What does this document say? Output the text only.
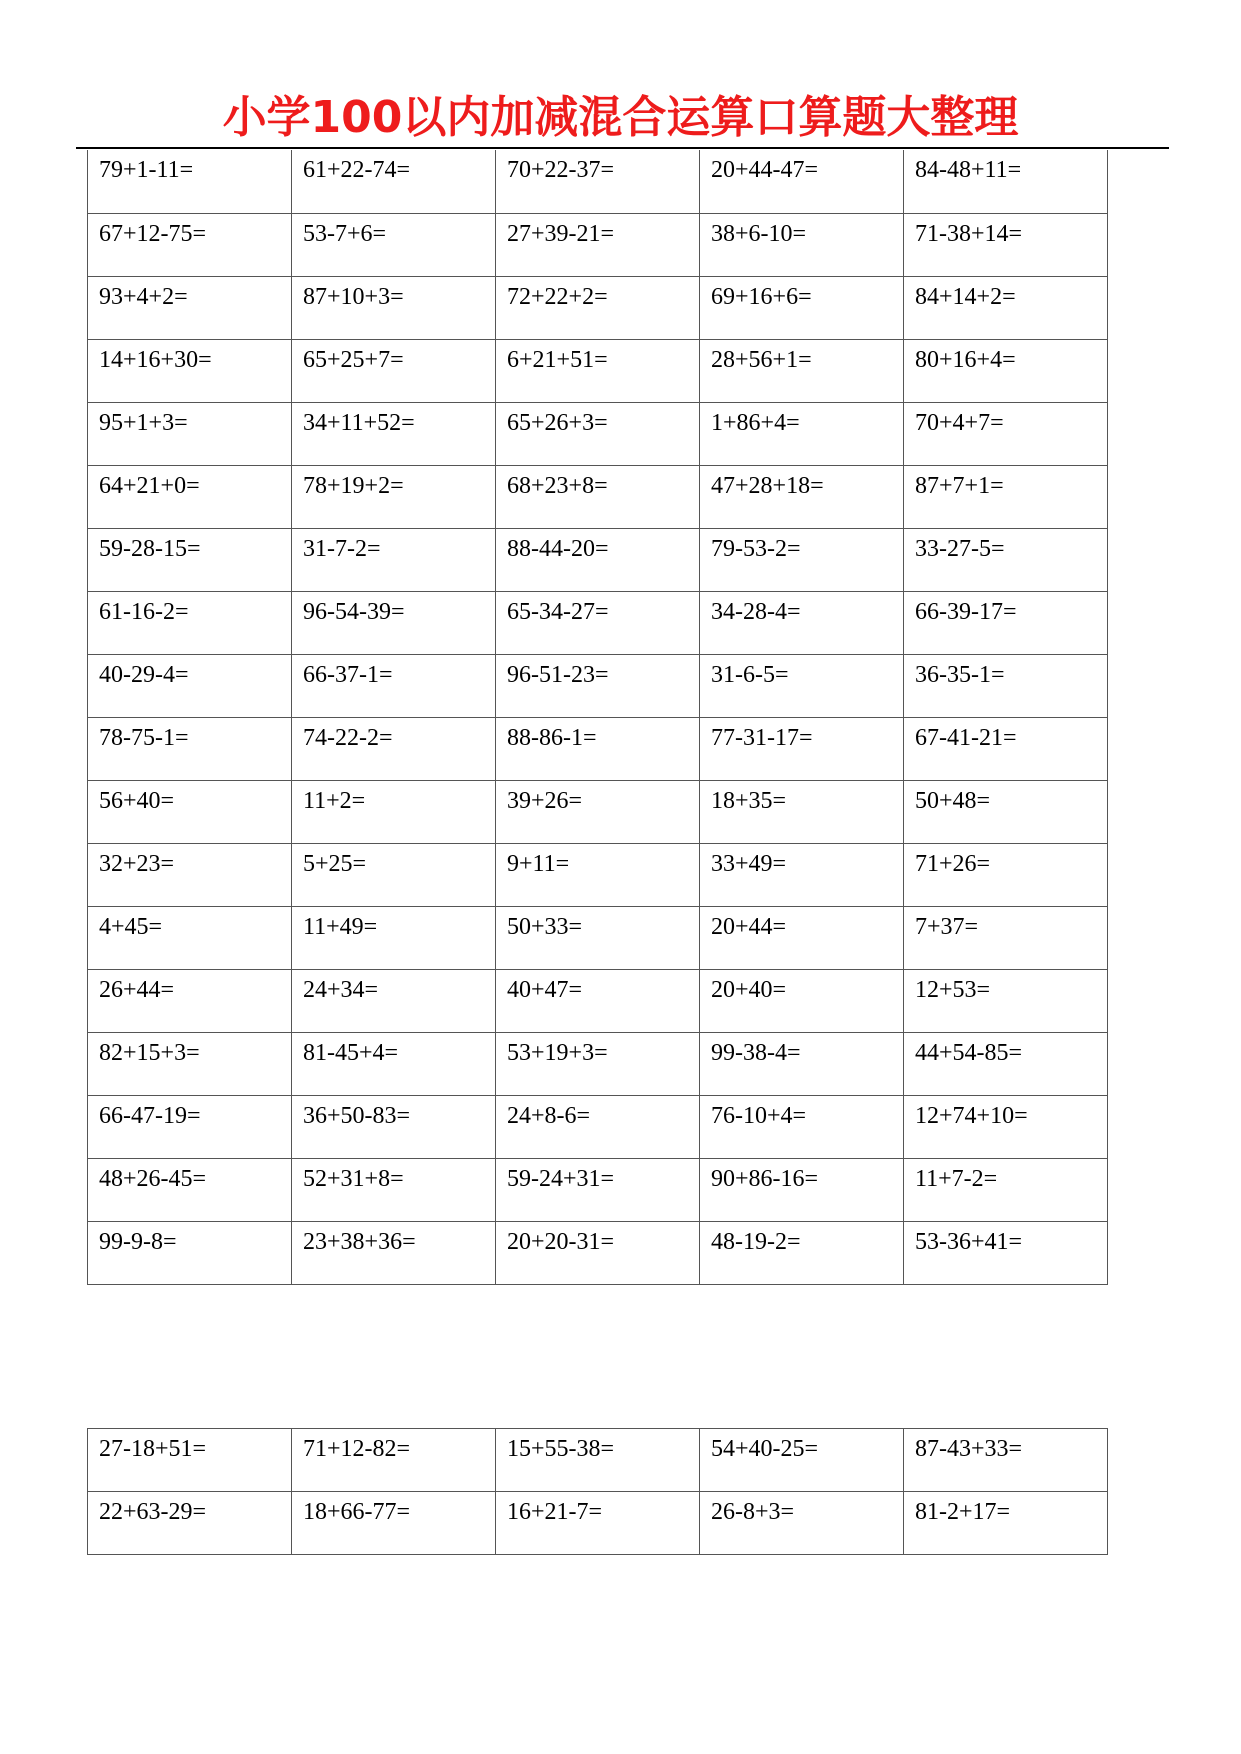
小学100以内加减混合运算口算题大整理
79+1-11=	61+22-74=	70+22-37=	20+44-47=	84-48+11=
67+12-75=	53-7+6=	27+39-21=	38+6-10=	71-38+14=
93+4+2=	87+10+3=	72+22+2=	69+16+6=	84+14+2=
14+16+30=	65+25+7=	6+21+51=	28+56+1=	80+16+4=
95+1+3=	34+11+52=	65+26+3=	1+86+4=	70+4+7=
64+21+0=	78+19+2=	68+23+8=	47+28+18=	87+7+1=
59-28-15=	31-7-2=	88-44-20=	79-53-2=	33-27-5=
61-16-2=	96-54-39=	65-34-27=	34-28-4=	66-39-17=
40-29-4=	66-37-1=	96-51-23=	31-6-5=	36-35-1=
78-75-1=	74-22-2=	88-86-1=	77-31-17=	67-41-21=
56+40=	11+2=	39+26=	18+35=	50+48=
32+23=	5+25=	9+11=	33+49=	71+26=
4+45=	11+49=	50+33=	20+44=	7+37=
26+44=	24+34=	40+47=	20+40=	12+53=
82+15+3=	81-45+4=	53+19+3=	99-38-4=	44+54-85=
66-47-19=	36+50-83=	24+8-6=	76-10+4=	12+74+10=
48+26-45=	52+31+8=	59-24+31=	90+86-16=	11+7-2=
99-9-8=	23+38+36=	20+20-31=	48-19-2=	53-36+41=
27-18+51=	71+12-82=	15+55-38=	54+40-25=	87-43+33=
22+63-29=	18+66-77=	16+21-7=	26-8+3=	81-2+17=
